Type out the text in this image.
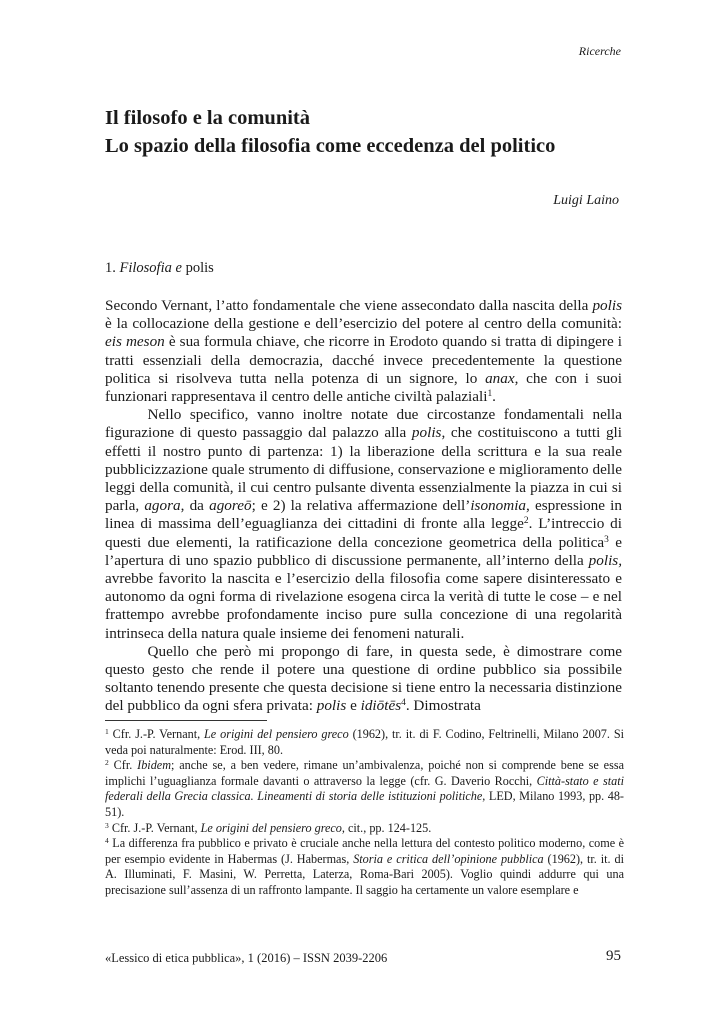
Ricerche
Il filosofo e la comunità
Lo spazio della filosofia come eccedenza del politico
Luigi Laino
1. Filosofia e polis

Secondo Vernant, l’atto fondamentale che viene assecondato dalla nascita della polis è la collocazione della gestione e dell’esercizio del potere al centro della comunità: eis meson è sua formula chiave, che ricorre in Erodoto quando si tratta di dipingere i tratti essenziali della democrazia, dacché invece precedentemente la questione politica si risolveva tutta nella potenza di un signore, lo anax, che con i suoi funzionari rappresentava il centro delle antiche civiltà palaziali$^1$.

Nello specifico, vanno inoltre notate due circostanze fondamentali nella figurazione di questo passaggio dal palazzo alla polis, che costituiscono a tutti gli effetti il nostro punto di partenza: 1) la liberazione della scrittura e la sua reale pubblicizzazione quale strumento di diffusione, conservazione e miglioramento delle leggi della comunità, il cui centro pulsante diventa essenzialmente la piazza in cui si parla, agora, da agoreō; e 2) la relativa affermazione dell’isonomia, espressione in linea di massima dell’eguaglianza dei cittadini di fronte alla legge$^2$. L’intreccio di questi due elementi, la ratificazione della concezione geometrica della politica$^3$ e l’apertura di uno spazio pubblico di discussione permanente, all’interno della polis, avrebbe favorito la nascita e l’esercizio della filosofia come sapere disinteressato e autonomo da ogni forma di rivelazione esogena circa la verità di tutte le cose – e nel frattempo avrebbe profondamente inciso pure sulla concezione di una regolarità intrinseca della natura quale insieme dei fenomeni naturali.

Quello che però mi propongo di fare, in questa sede, è dimostrare come questo gesto che rende il potere una questione di ordine pubblico sia possibile soltanto tenendo presente che questa decisione si tiene entro la necessaria distinzione del pubblico da ogni sfera privata: polis e idiōtēs$^4$. Dimostrata

$^1$ Cfr. J.-P. Vernant, Le origini del pensiero greco (1962), tr. it. di F. Codino, Feltrinelli, Milano 2007. Si veda poi naturalmente: Erod. III, 80.

$^2$ Cfr. Ibidem; anche se, a ben vedere, rimane un’ambivalenza, poiché non si comprende bene se essa implichi l’uguaglianza formale davanti o attraverso la legge (cfr. G. Daverio Rocchi, Città-stato e stati federali della Grecia classica. Lineamenti di storia delle istituzioni politiche, LED, Milano 1993, pp. 48-51).

$^3$ Cfr. J.-P. Vernant, Le origini del pensiero greco, cit., pp. 124-125.

$^4$ La differenza fra pubblico e privato è cruciale anche nella lettura del contesto politico moderno, come è per esempio evidente in Habermas (J. Habermas, Storia e critica dell’opinione pubblica (1962), tr. it. di A. Illuminati, F. Masini, W. Perretta, Laterza, Roma-Bari 2005). Voglio quindi addurre qui una precisazione sull’assenza di un raffronto lampante. Il saggio ha certamente un valore esemplare e

«Lessico di etica pubblica», 1 (2016) – ISSN 2039-2206	95
